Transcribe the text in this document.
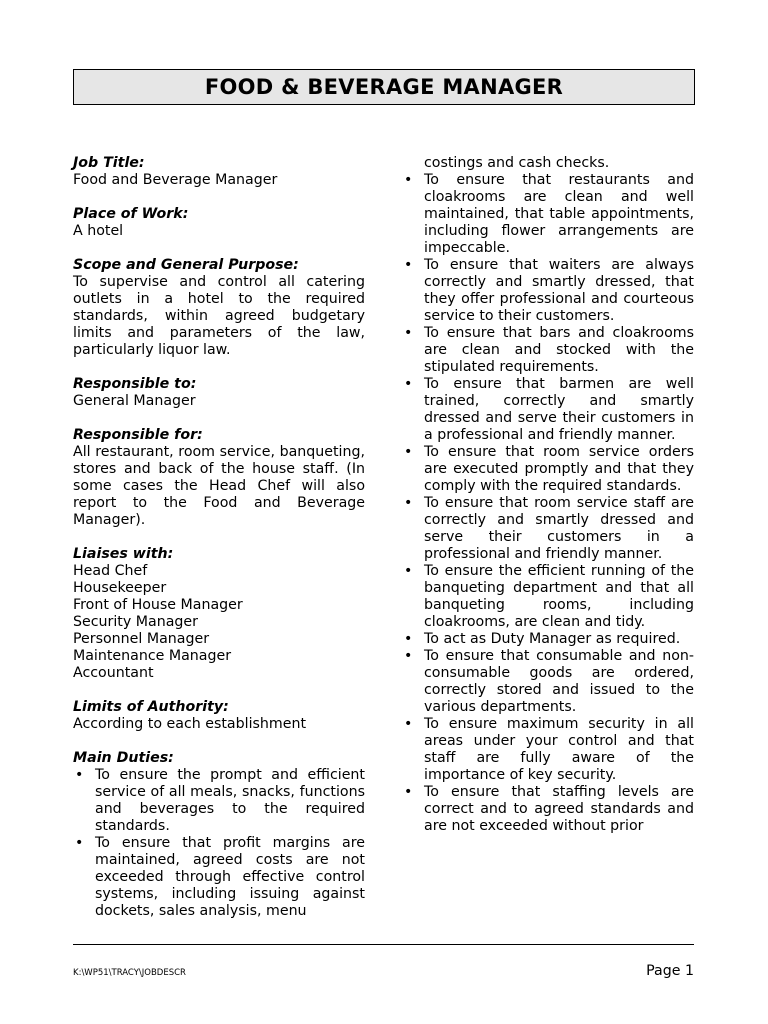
FOOD & BEVERAGE MANAGER
Job Title:
Food and Beverage Manager
Place of Work:
A hotel
Scope and General Purpose:
To supervise and control all catering outlets in a hotel to the required standards, within agreed budgetary limits and parameters of the law, particularly liquor law.
Responsible to:
General Manager
Responsible for:
All restaurant, room service, banqueting, stores and back of the house staff. (In some cases the Head Chef will also report to the Food and Beverage Manager).
Liaises with:
Head Chef
Housekeeper
Front of House Manager
Security Manager
Personnel Manager
Maintenance Manager
Accountant
Limits of Authority:
According to each establishment
Main Duties:
• To ensure the prompt and efficient service of all meals, snacks, functions and beverages to the required standards.
• To ensure that profit margins are maintained, agreed costs are not exceeded through effective control systems, including issuing against dockets, sales analysis, menu
costings and cash checks.
• To ensure that restaurants and cloakrooms are clean and well maintained, that table appointments, including flower arrangements are impeccable.
• To ensure that waiters are always correctly and smartly dressed, that they offer professional and courteous service to their customers.
• To ensure that bars and cloakrooms are clean and stocked with the stipulated requirements.
• To ensure that barmen are well trained, correctly and smartly dressed and serve their customers in a professional and friendly manner.
• To ensure that room service orders are executed promptly and that they comply with the required standards.
• To ensure that room service staff are correctly and smartly dressed and serve their customers in a professional and friendly manner.
• To ensure the efficient running of the banqueting department and that all banqueting rooms, including cloakrooms, are clean and tidy.
• To act as Duty Manager as required.
• To ensure that consumable and non-consumable goods are ordered, correctly stored and issued to the various departments.
• To ensure maximum security in all areas under your control and that staff are fully aware of the importance of key security.
• To ensure that staffing levels are correct and to agreed standards and are not exceeded without prior
K:\WP51\TRACY\JOBDESCR	Page 1
